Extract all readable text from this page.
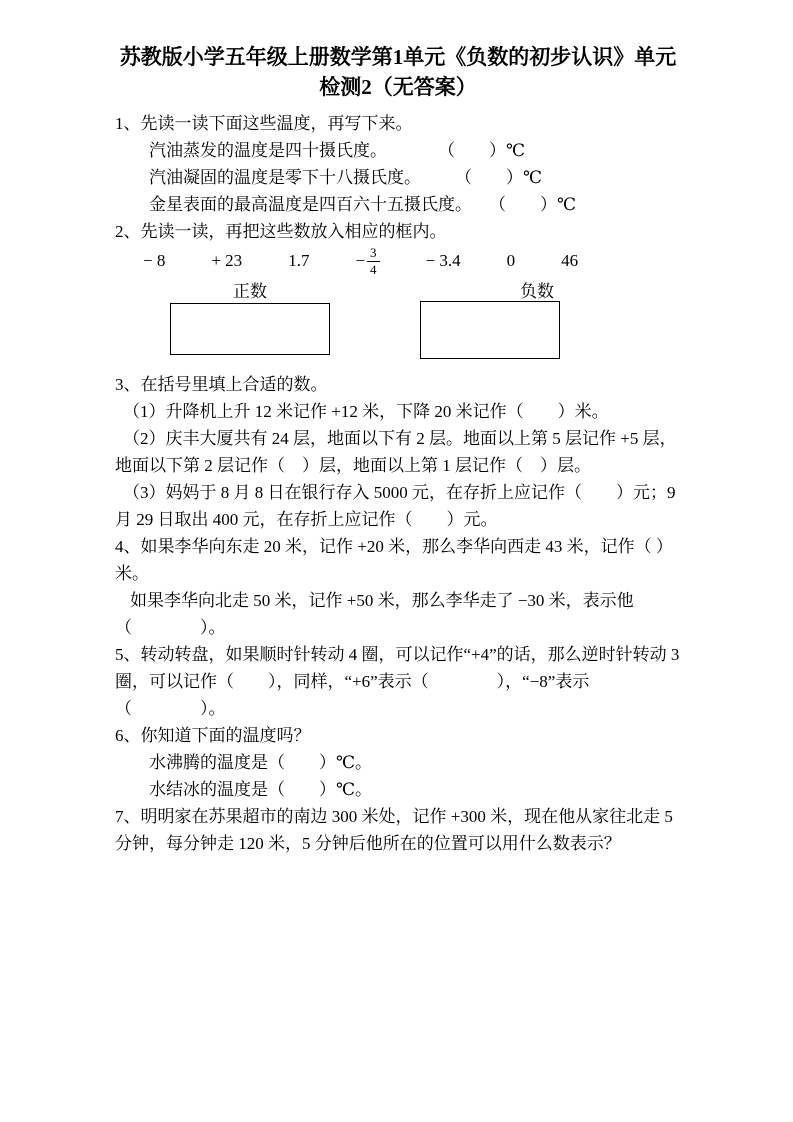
苏教版小学五年级上册数学第1单元《负数的初步认识》单元检测2（无答案）

1、先读一读下面这些温度，再写下来。

汽油蒸发的温度是四十摄氏度。　　　　（　　）℃

汽油凝固的温度是零下十八摄氏度。　　　（　　）℃

金星表面的最高温度是四百六十五摄氏度。　　（　　）℃

2、先读一读，再把这些数放入相应的框内。

− 8	+ 23	1.7	− $\frac{3}{4}$	− 3.4	0	46
正数	负数

3、在括号里填上合适的数。

（1）升降机上升 12 米记作 +12 米，下降 20 米记作（　　）米。

（2）庆丰大厦共有 24 层，地面以下有 2 层。地面以上第 5 层记作 +5 层，地面以下第 2 层记作（　）层，地面以上第 1 层记作（　）层。

（3）妈妈于 8 月 8 日在银行存入 5000 元，在存折上应记作（　　）元；9 月 29 日取出 400 元，在存折上应记作（　　）元。

4、如果李华向东走 20 米，记作 +20 米，那么李华向西走 43 米，记作（ ）米。

如果李华向北走 50 米，记作 +50 米，那么李华走了 −30 米，表示他（　　　　）。

5、转动转盘，如果顺时针转动 4 圈，可以记作“+4”的话，那么逆时针转动 3 圈，可以记作（　　），同样，“+6”表示（　　　　），“−8”表示（　　　　）。

6、你知道下面的温度吗？

水沸腾的温度是（　　）℃。

水结冰的温度是（　　）℃。

7、明明家在苏果超市的南边 300 米处，记作 +300 米，现在他从家往北走 5 分钟，每分钟走 120 米，5 分钟后他所在的位置可以用什么数表示？
